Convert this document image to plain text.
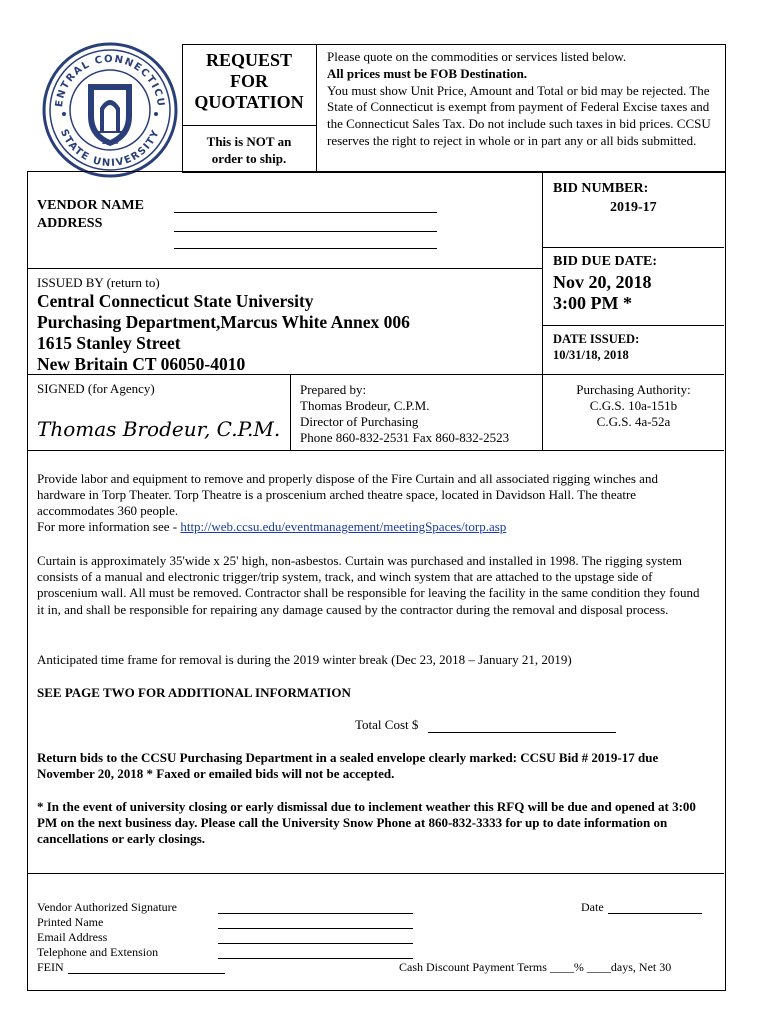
ENTRAL CONNECTICU
STATE UNIVERSITY
1849
REQUEST
FOR
QUOTATION
This is NOT an
order to ship.
Please quote on the commodities or services listed below.
All prices must be FOB Destination.
You must show Unit Price, Amount and Total or bid may be rejected. The State of Connecticut is exempt from payment of Federal Excise taxes and the Connecticut Sales Tax. Do not include such taxes in bid prices. CCSU reserves the right to reject in whole or in part any or all bids submitted.
VENDOR NAME
ADDRESS
BID NUMBER:
2019-17
BID DUE DATE:
Nov 20, 2018
3:00 PM *
DATE ISSUED:
10/31/18, 2018
ISSUED BY (return to)
Central Connecticut State University
Purchasing Department,Marcus White Annex 006
1615 Stanley Street
New Britain CT 06050-4010
SIGNED (for Agency)
Thomas Brodeur, C.P.M.
Prepared by:
Thomas Brodeur, C.P.M.
Director of Purchasing
Phone 860-832-2531 Fax 860-832-2523
Purchasing Authority:
C.G.S. 10a-151b
C.G.S. 4a-52a
Provide labor and equipment to remove and properly dispose of the Fire Curtain and all associated rigging winches and hardware in Torp Theater. Torp Theatre is a proscenium arched theatre space, located in Davidson Hall. The theatre accommodates 360 people.
For more information see - http://web.ccsu.edu/eventmanagement/meetingSpaces/torp.asp
Curtain is approximately 35'wide x 25' high, non-asbestos. Curtain was purchased and installed in 1998. The rigging system consists of a manual and electronic trigger/trip system, track, and winch system that are attached to the upstage side of proscenium wall. All must be removed. Contractor shall be responsible for leaving the facility in the same condition they found it in, and shall be responsible for repairing any damage caused by the contractor during the removal and disposal process.
Anticipated time frame for removal is during the 2019 winter break (Dec 23, 2018 – January 21, 2019)
SEE PAGE TWO FOR ADDITIONAL INFORMATION
Total Cost $
Return bids to the CCSU Purchasing Department in a sealed envelope clearly marked: CCSU Bid # 2019-17 due November 20, 2018 * Faxed or emailed bids will not be accepted.
* In the event of university closing or early dismissal due to inclement weather this RFQ will be due and opened at 3:00 PM on the next business day. Please call the University Snow Phone at 860-832-3333 for up to date information on cancellations or early closings.
Vendor Authorized Signature
Printed Name
Email Address
Telephone and Extension
FEIN
Date
Cash Discount Payment Terms ____% ____days, Net 30
